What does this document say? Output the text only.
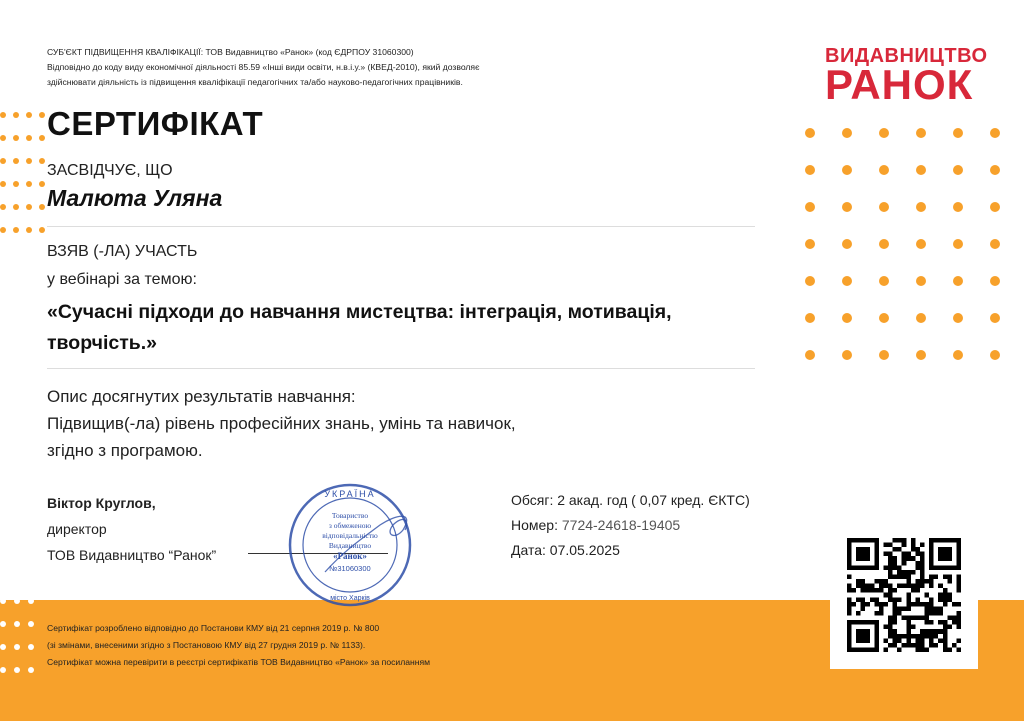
СУБ'ЄКТ ПІДВИЩЕННЯ КВАЛІФІКАЦІЇ: ТОВ Видавництво «Ранок» (код ЄДРПОУ 31060300)
Відповідно до коду виду економічної діяльності 85.59 «Інші види освіти, н.в.і.у.» (КВЕД-2010), який дозволяє
здійснювати діяльність із підвищення кваліфікації педагогічних та/або науково-педагогічних працівників.
ВИДАВНИЦТВО
РАНОК
СЕРТИФІКАТ
ЗАСВІДЧУЄ, ЩО
Малюта Уляна
ВЗЯВ (-ЛА) УЧАСТЬ
у вебінарі за темою:
«Сучасні підходи до навчання мистецтва: інтеграція, мотивація,
творчість.»
Опис досягнутих результатів навчання:
Підвищив(-ла) рівень професійних знань, умінь та навичок,
згідно з програмою.
Віктор Круглов,
директор
ТОВ Видавництво “Ранок”
УКРАЇНА
Товариство
з обмеженою
відповідальністю
Видавництво
«Ранок»
№31060300
місто Харків
Обсяг: 2 акад. год ( 0,07 кред. ЄКТС)
Номер: 7724-24618-19405
Дата: 07.05.2025
Сертифікат розроблено відповідно до Постанови КМУ від 21 серпня 2019 р. № 800
(зі змінами, внесеними згідно з Постановою КМУ від 27 грудня 2019 р. № 1133).
Сертифікат можна перевірити в реєстрі сертифікатів ТОВ Видавництво «Ранок» за посиланням
